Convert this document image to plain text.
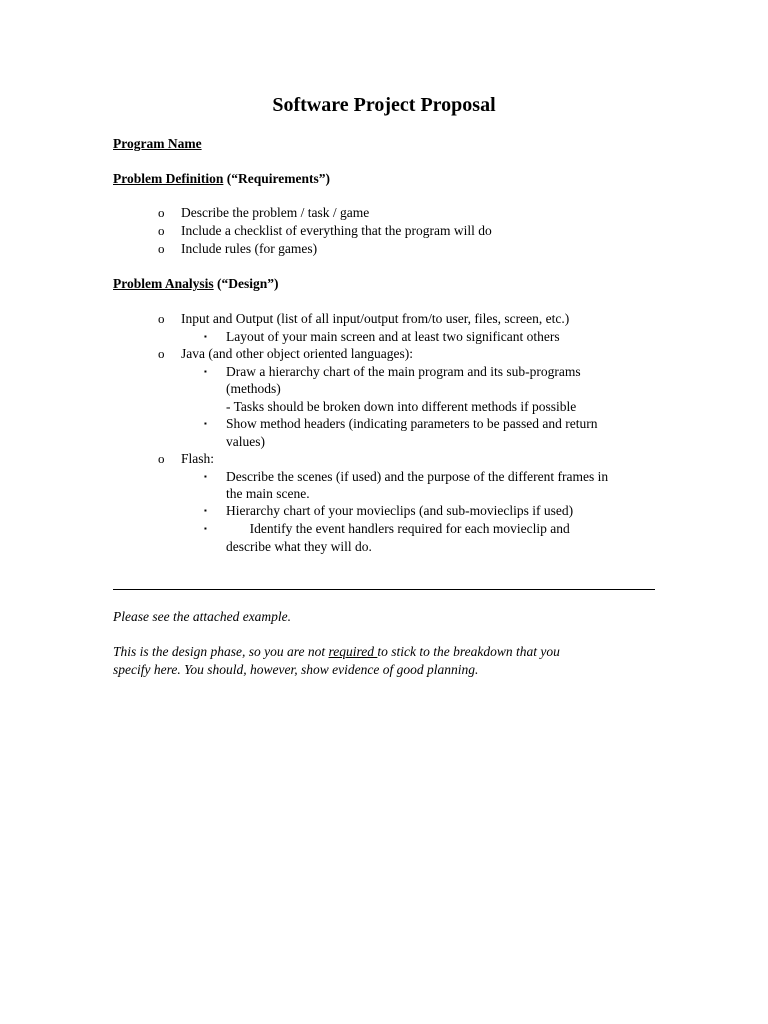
Software Project Proposal
Program Name
Problem Definition (“Requirements”)
o Describe the problem / task / game
o Include a checklist of everything that the program will do
o Include rules (for games)
Problem Analysis (“Design”)
o Input and Output (list of all input/output from/to user, files, screen, etc.)
▪ Layout of your main screen and at least two significant others
o Java (and other object oriented languages):
▪ Draw a hierarchy chart of the main program and its sub-programs
(methods)
- Tasks should be broken down into different methods if possible
▪ Show method headers (indicating parameters to be passed and return
values)
o Flash:
▪ Describe the scenes (if used) and the purpose of the different frames in
the main scene.
▪ Hierarchy chart of your movieclips (and sub-movieclips if used)
▪ Identify the event handlers required for each movieclip and
describe what they will do.
Please see the attached example.
This is the design phase, so you are not required to stick to the breakdown that you
specify here. You should, however, show evidence of good planning.
